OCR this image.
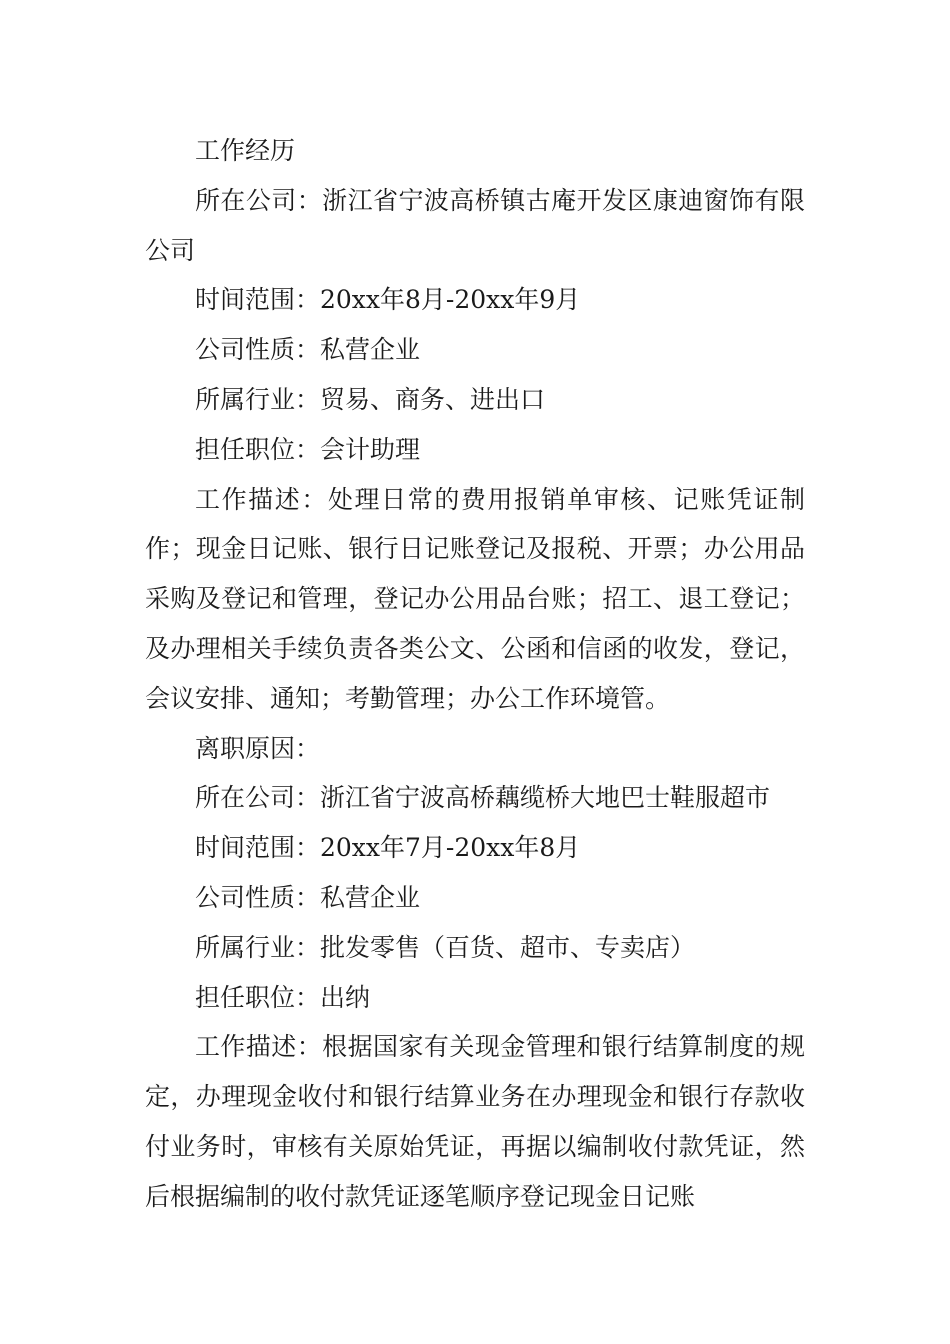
工作经历

所在公司：浙江省宁波高桥镇古庵开发区康迪窗饰有限公司

时间范围：20xx年8月-20xx年9月

公司性质：私营企业

所属行业：贸易、商务、进出口

担任职位：会计助理

工作描述：处理日常的费用报销单审核、记账凭证制作；现金日记账、银行日记账登记及报税、开票；办公用品采购及登记和管理，登记办公用品台账；招工、退工登记；及办理相关手续负责各类公文、公函和信函的收发，登记，会议安排、通知；考勤管理；办公工作环境管。

离职原因：

所在公司：浙江省宁波高桥藕缆桥大地巴士鞋服超市

时间范围：20xx年7月-20xx年8月

公司性质：私营企业

所属行业：批发零售（百货、超市、专卖店）

担任职位：出纳

工作描述：根据国家有关现金管理和银行结算制度的规定，办理现金收付和银行结算业务在办理现金和银行存款收付业务时，审核有关原始凭证，再据以编制收付款凭证，然后根据编制的收付款凭证逐笔顺序登记现金日记账
